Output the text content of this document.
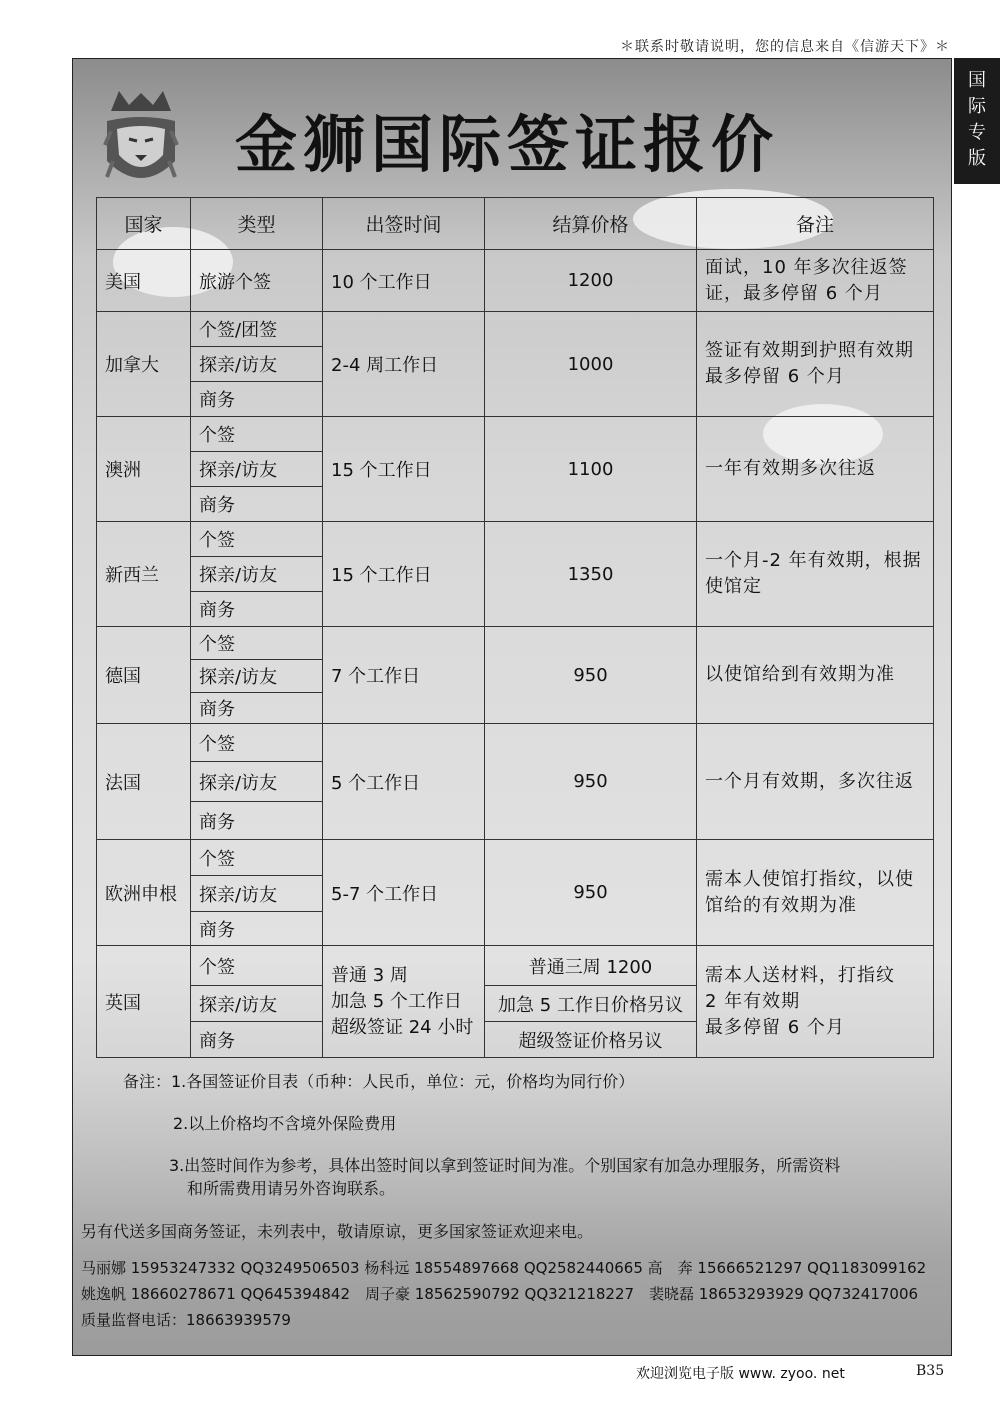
＊联系时敬请说明，您的信息来自《信游天下》＊
国
际
专
版
金狮国际签证报价
国家	类型	出签时间	结算价格	备注
美国	旅游个签	10 个工作日	1200	面试，10 年多次往返签证，最多停留 6 个月
加拿大	个签/团签	2-4 周工作日	1000	签证有效期到护照有效期最多停留 6 个月
	探亲/访友			
	商务			
澳洲	个签	15 个工作日	1100	一年有效期多次往返
	探亲/访友			
	商务			
新西兰	个签	15 个工作日	1350	一个月-2 年有效期，根据使馆定
	探亲/访友			
	商务			
德国	个签	7 个工作日	950	以使馆给到有效期为准
	探亲/访友			
	商务			
法国	个签	5 个工作日	950	一个月有效期，多次往返
	探亲/访友			
	商务			
欧洲申根	个签	5-7 个工作日	950	需本人使馆打指纹，以使馆给的有效期为准
	探亲/访友			
	商务			
英国	个签	普通 3 周
加急 5 个工作日
超级签证 24 小时	普通三周 1200	需本人送材料，打指纹
2 年有效期
最多停留 6 个月
	探亲/访友		加急 5 工作日价格另议	
	商务		超级签证价格另议	
备注：1.各国签证价目表（币种：人民币，单位：元，价格均为同行价）
2.以上价格均不含境外保险费用
3.出签时间作为参考，具体出签时间以拿到签证时间为准。个别国家有加急办理服务，所需资料
和所需费用请另外咨询联系。
另有代送多国商务签证，未列表中，敬请原谅，更多国家签证欢迎来电。
马丽娜 15953247332 QQ3249506503 杨科远 18554897668 QQ2582440665 高　奔 15666521297 QQ1183099162
姚逸帆 18660278671 QQ645394842　周子豪 18562590792 QQ321218227　裴晓磊 18653293929 QQ732417006
质量监督电话：18663939579
欢迎浏览电子版 www. zyoo. net	B35
